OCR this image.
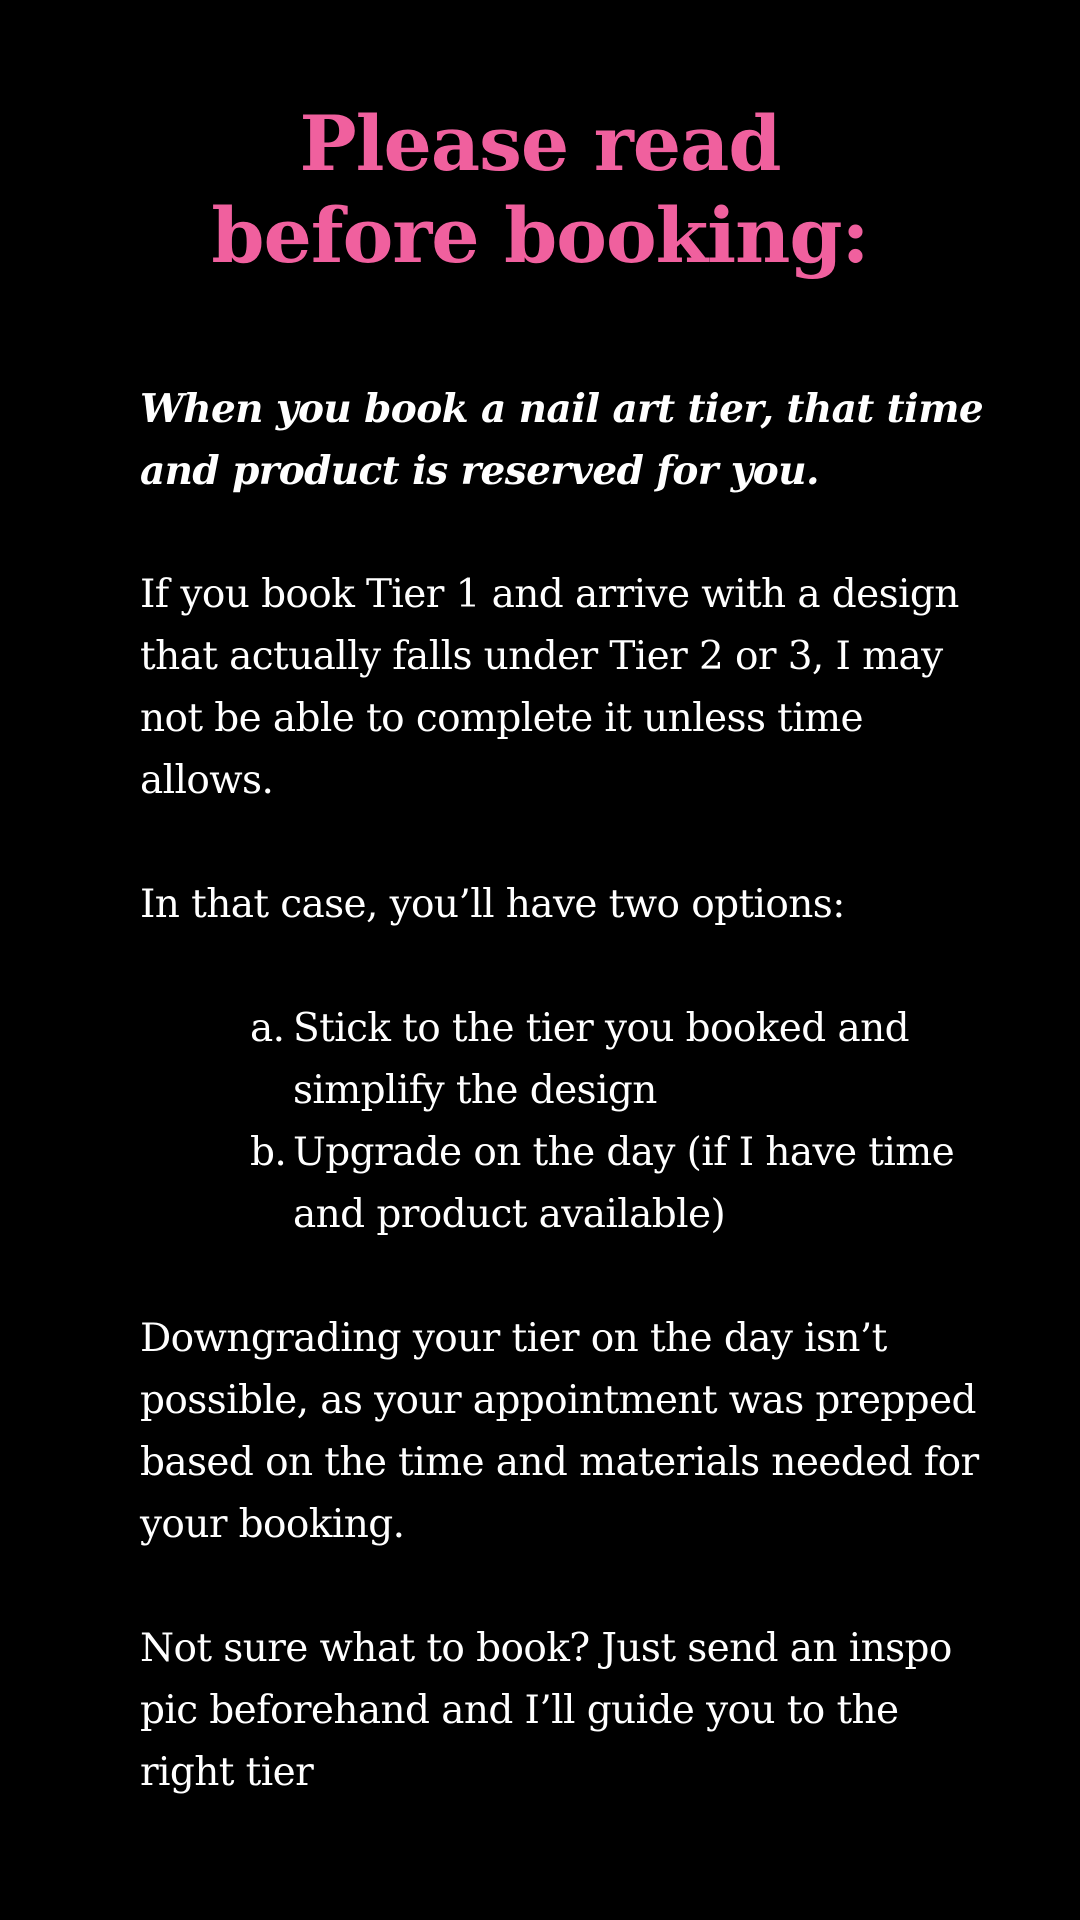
Please read
before booking:

When you book a nail art tier, that time and product is reserved for you.

If you book Tier 1 and arrive with a design that actually falls under Tier 2 or 3, I may not be able to complete it unless time allows.

In that case, you’ll have two options:

a. Stick to the tier you booked and simplify the design
b. Upgrade on the day (if I have time and product available)

Downgrading your tier on the day isn’t possible, as your appointment was prepped based on the time and materials needed for your booking.

Not sure what to book? Just send an inspo pic beforehand and I’ll guide you to the right tier
